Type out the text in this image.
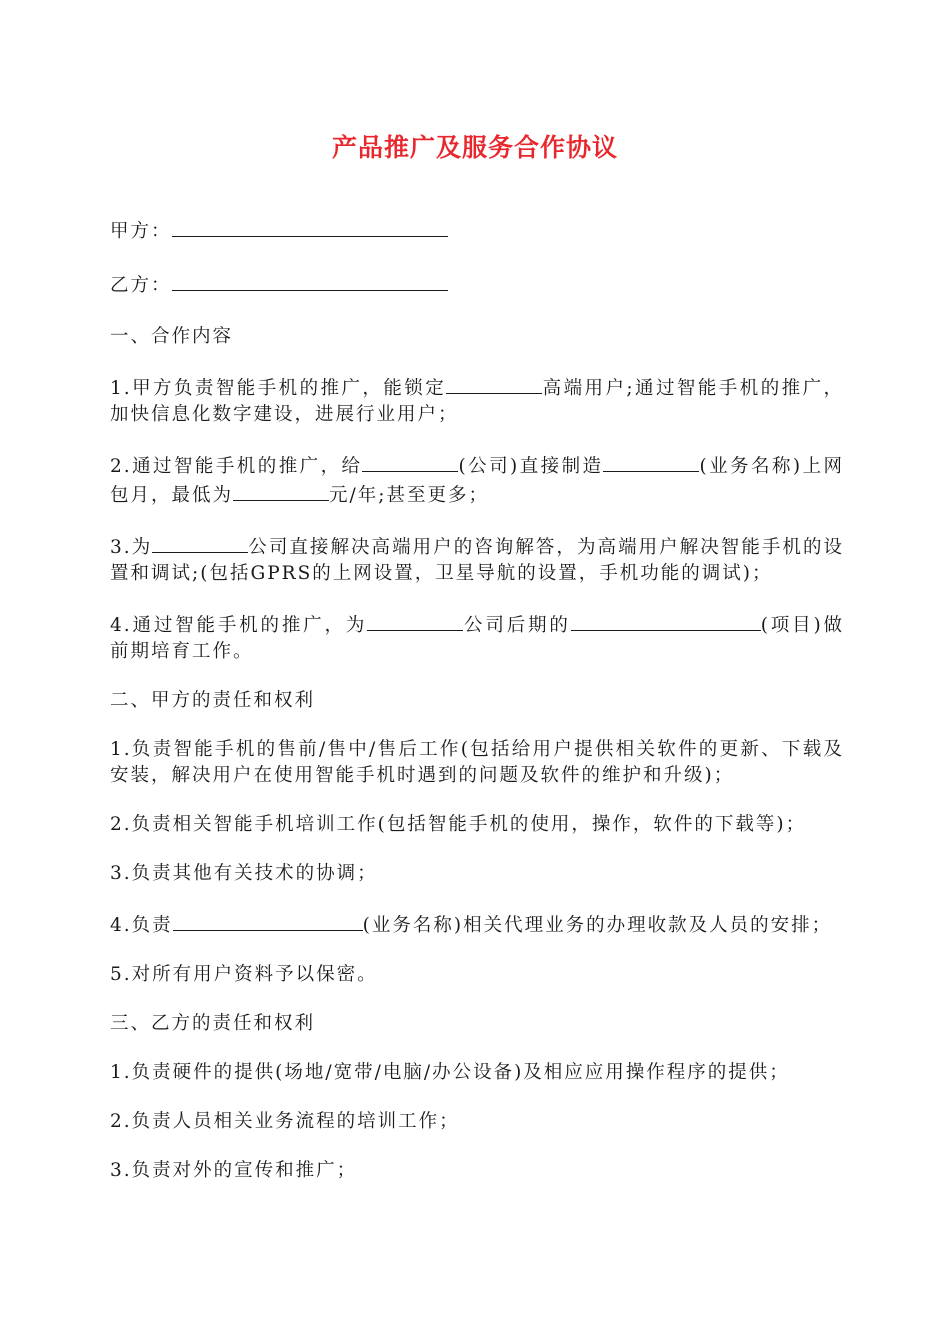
产品推广及服务合作协议

甲方：

乙方：

一、合作内容

1.甲方负责智能手机的推广，能锁定	高端用户;通过智能手机的推广，加快信息化数字建设，进展行业用户；

2.通过智能手机的推广，给	(公司)直接制造	(业务名称)上网包月，最低为	元/年;甚至更多；

3.为	公司直接解决高端用户的咨询解答，为高端用户解决智能手机的设置和调试;(包括GPRS的上网设置，卫星导航的设置，手机功能的调试)；

4.通过智能手机的推广，为	公司后期的	(项目)做前期培育工作。

二、甲方的责任和权利

1.负责智能手机的售前/售中/售后工作(包括给用户提供相关软件的更新、下载及安装，解决用户在使用智能手机时遇到的问题及软件的维护和升级)；

2.负责相关智能手机培训工作(包括智能手机的使用，操作，软件的下载等)；

3.负责其他有关技术的协调；

4.负责	(业务名称)相关代理业务的办理收款及人员的安排；

5.对所有用户资料予以保密。

三、乙方的责任和权利

1.负责硬件的提供(场地/宽带/电脑/办公设备)及相应应用操作程序的提供；

2.负责人员相关业务流程的培训工作；

3.负责对外的宣传和推广；
